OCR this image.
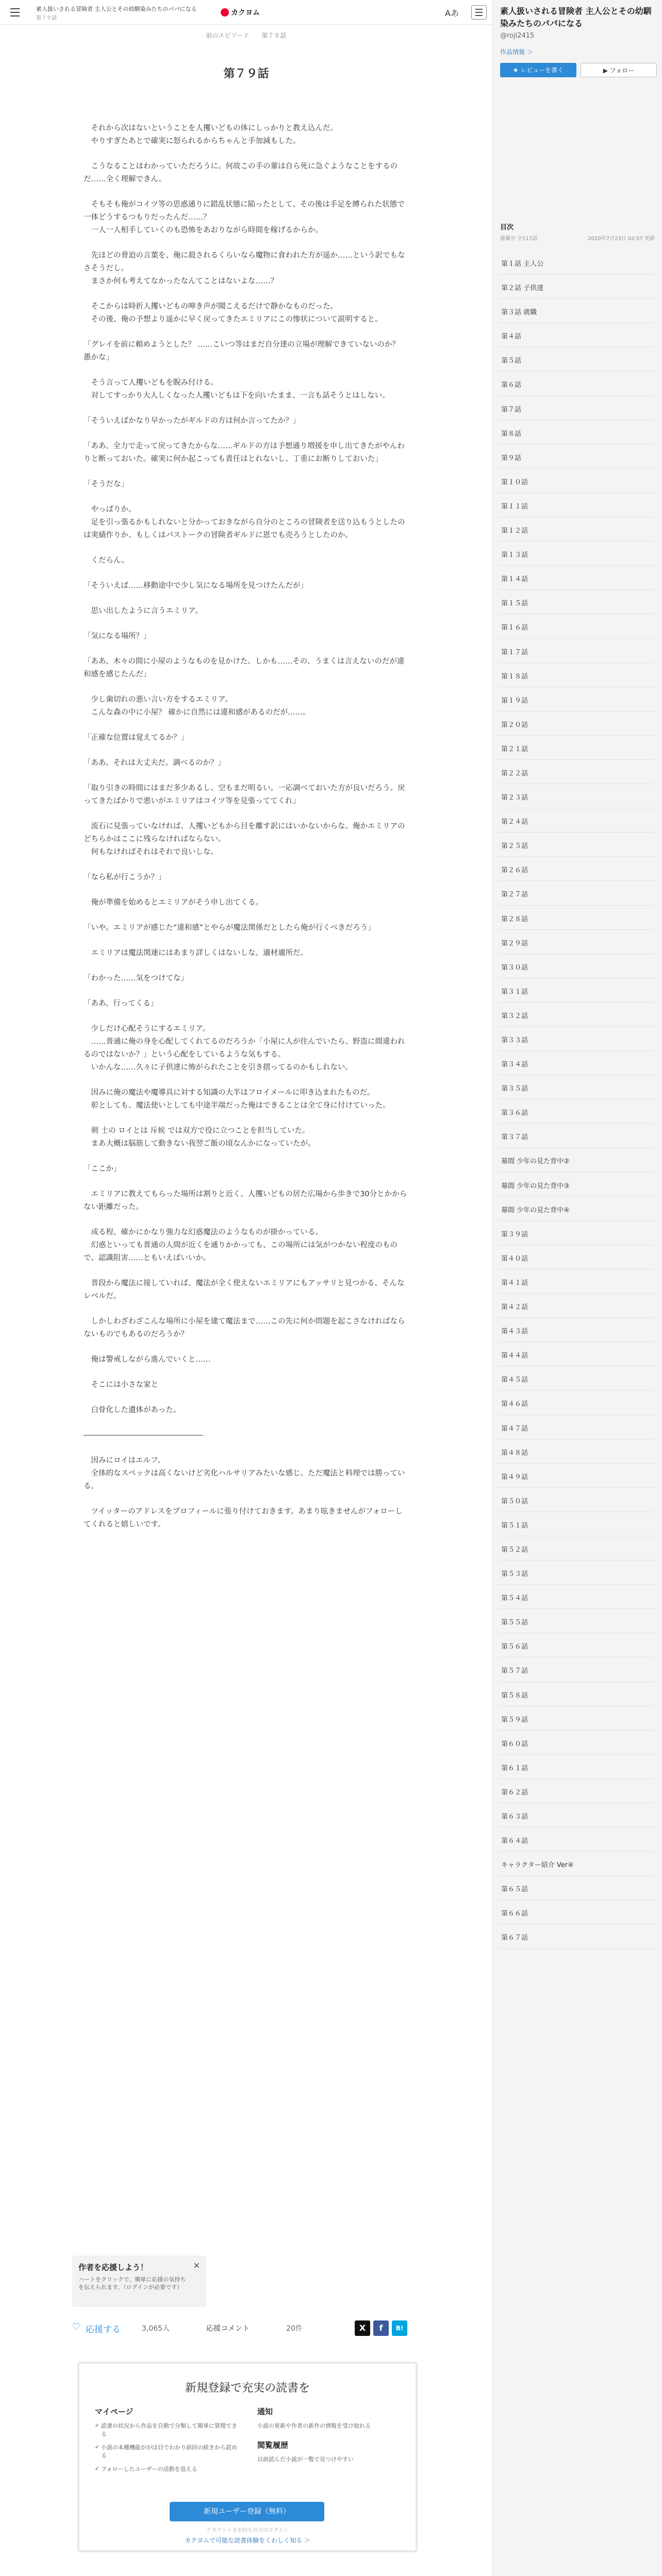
素人扱いされる冒険者 主人公とその幼馴染みたちのパパになる
第７９話
カクヨム	Aあ
前のエピソード 第７８話
第７９話

　それから次はないということを人攫いどもの体にしっかりと教え込んだ。
　やりすぎたあとで確実に怒られるからちゃんと手加減もした。

　こうなることはわかっていただろうに。何故この手の輩は自ら死に急ぐようなことをするのだ……全く理解できん。

　そもそも俺がコイツ等の思惑通りに錯乱状態に陥ったとして、その後は手足を縛られた状態で一体どうするつもりだったんだ……？
　一人一人相手していくのも恐怖をあおりながら時間を稼げるからか。

　先ほどの脅迫の言葉を、俺に殺されるくらいなら魔物に食われた方が遥か……という訳でもなさそうだし。
　まさか何も考えてなかったなんてことはないよな……？

　そこからは時折人攫いどもの呻き声が聞こえるだけで静かなものだった。
　その後、俺の予想より遥かに早く戻ってきたエミリアにこの惨状について説明すると。

「グレイを前に頼めようとした？ ……こいつ等はまだ自分達の立場が理解できていないのか？ 愚かな」

　そう言って人攫いどもを睨み付ける。
　対してすっかり大人しくなった人攫いどもは下を向いたまま、一言も話そうとはしない。

「そういえばかなり早かったがギルドの方は何か言ってたか？」

「ああ、全力で走って戻ってきたからな……ギルドの方は予想通り増援を申し出てきたがやんわりと断っておいた。確実に何か起こっても責任はとれないし、丁重にお断りしておいた」

「そうだな」

　やっぱりか。
　足を引っ張るかもしれないと分かっておきながら自分のところの冒険者を送り込もうとしたのは実績作りか、もしくはパストークの冒険者ギルドに恩でも売ろうとしたのか。

　くだらん。

「そういえば……移動途中で少し気になる場所を見つけたんだが」

　思い出したように言うエミリア。

「気になる場所？」

「ああ、木々の間に小屋のようなものを見かけた。しかも……その、うまくは言えないのだが違和感を感じたんだ」

　少し歯切れの悪い言い方をするエミリア。
　こんな森の中に小屋？ 確かに自然には違和感があるのだが……。

「正確な位置は覚えてるか？」

「ああ、それは大丈夫だ。調べるのか？」

「取り引きの時間にはまだ多少あるし、空もまだ明るい。一応調べておいた方が良いだろう。戻ってきたばかりで悪いがエミリアはコイツ等を見張っててくれ」

　流石に見張っていなければ、人攫いどもから目を離す訳にはいかないからな。俺かエミリアのどちらかはここに残らなければならない。
　何もなければそれはそれで良いしな。

「なら私が行こうか？」

　俺が準備を始めるとエミリアがそう申し出てくる。

「いや。エミリアが感じた“違和感”とやらが魔法関係だとしたら俺が行くべきだろう」

　エミリアは魔法関連にはあまり詳しくはないしな。適材適所だ。

「わかった……気をつけてな」

「ああ、行ってくる」

　少しだけ心配そうにするエミリア。
　……普通に俺の身を心配してくれてるのだろうか「小屋に人が住んでいたら、野盗に間違われるのではないか？」という心配をしているような気もする。
　いかんな……久々に子供達に怖がられたことを引き摺ってるのかもしれない。

　因みに俺の魔法や魔導具に対する知識の大半はフロイメールに叩き込まれたものだ。
　彰としても、魔法使いとしても中途半端だった俺はできることは全て身に付けていった。

　剣 士の ロイとは 斥候 では双方で役に立つことを担当していた。
　まあ大概は脳筋して動きない我翌ご飯の頃なんかになっていたが。

「ここか」

　エミリアに教えてもらった場所は割りと近く、人攫いどもの居た広場から歩きで30分とかからない距離だった。

　成る程、確かにかなり強力な幻惑魔法のようなものが掛かっている。
　幻惑といっても普通の人間が近くを通りかかっても、この場所には気がつかない程度のもので、認識阻害……ともいえばいいか。

　普段から魔法に接していれば、魔法が全く使えないエミリアにもアッサリと見つかる、そんなレベルだ。

　しかしわざわざこんな場所に小屋を建て魔法まで……この先に何か問題を起こさなければならないものでもあるのだろうか？

　俺は警戒しながら進んでいくと……

　そこには小さな家と

　白骨化した遺体があった。

――――――――――――――――

　因みにロイはエルフ。
　全体的なスペックは高くないけど劣化ハルサリアみたいな感じ。ただ魔法と料理では勝っている。

　ツイッターのアドレスをプロフィールに張り付けておきます。あまり呟きませんがフォローしてくれると嬉しいです。

作者を応援しよう！
ハートをクリックで、簡単に応援の気持ちを伝えられます。（ログインが必要です）
✕
♡ 応援する	3,065人	応援コメント	20件	X	f	B!
新規登録で充実の読書を
マイページ
✓ 読書の状況から作品を自動で分類して簡単に管理できる
✓ 小説の本棚機能ががほ目でわかり前回の続きから読める
✓ フォローしたユーザーの活動を追える
通知
小説の更新や作者の新作の情報を受け取れる
閲覧履歴
以前読んだ小説が一覧で見つけやすい
新規ユーザー登録（無料）
アカウントをお持ちの方はログイン
カクヨムで可能な読書体験をくわしく知る ＞
素人扱いされる冒険者 主人公とその幼馴染みたちのパパになる
@roji2415
作品情報 ＞
★ レビューを書く	▶ フォロー
目次
連載中 全117話	2020年7月23日 02:57 更新
第１話 主人公
第２話 子供達
第３話 就職
第４話
第５話
第６話
第７話
第８話
第９話
第１０話
第１１話
第１２話
第１３話
第１４話
第１５話
第１６話
第１７話
第１８話
第１９話
第２０話
第２１話
第２２話
第２３話
第２４話
第２５話
第２６話
第２７話
第２８話
第２９話
第３０話
第３１話
第３２話
第３３話
第３４話
第３５話
第３６話
第３７話
幕間 少年の見た背中②
幕間 少年の見た背中③
幕間 少年の見た背中④
第３９話
第４０話
第４１話
第４２話
第４３話
第４４話
第４５話
第４６話
第４７話
第４８話
第４９話
第５０話
第５１話
第５２話
第５３話
第５４話
第５５話
第５６話
第５７話
第５８話
第５９話
第６０話
第６１話
第６２話
第６３話
第６４話
キャラクター紹介 Ver④
第６５話
第６６話
第６７話
